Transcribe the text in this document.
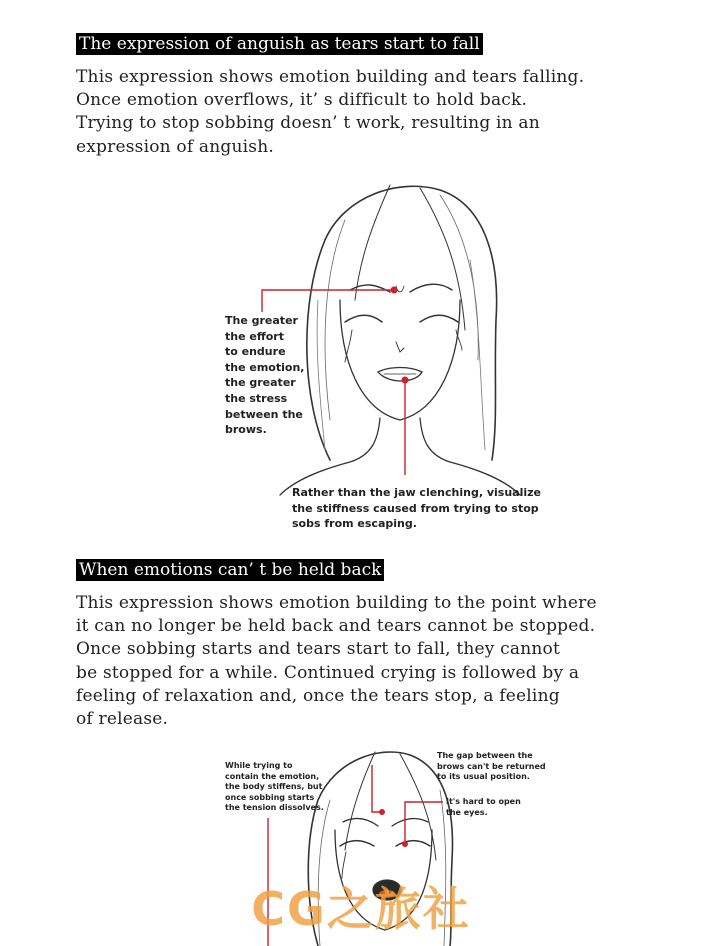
The expression of anguish as tears start to fall

This expression shows emotion building and tears falling.
Once emotion overflows, it’ s difficult to hold back.
Trying to stop sobbing doesn’ t work, resulting in an
expression of anguish.

The greater
the effort
to endure
the emotion,
the greater
the stress
between the
brows.

Rather than the jaw clenching, visualize
the stiffness caused from trying to stop
sobs from escaping.

When emotions can’ t be held back

This expression shows emotion building to the point where
it can no longer be held back and tears cannot be stopped.
Once sobbing starts and tears start to fall, they cannot
be stopped for a while. Continued crying is followed by a
feeling of relaxation and, once the tears stop, a feeling
of release.

While trying to
contain the emotion,
the body stiffens, but
once sobbing starts
the tension dissolves.

The gap between the
brows can't be returned
to its usual position.

It's hard to open
the eyes.

CG之旅社
